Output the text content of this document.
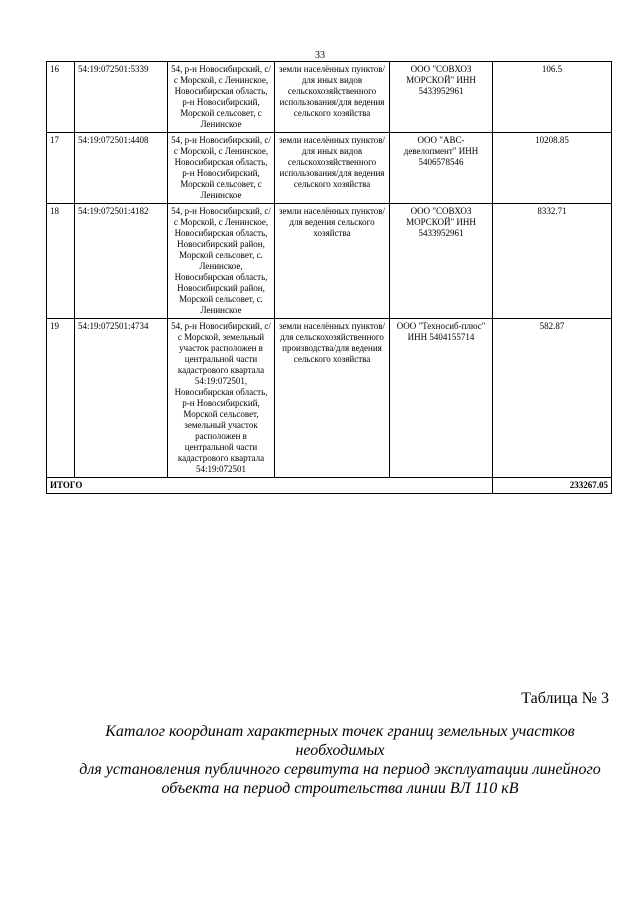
33
16	54:19:072501:5339	54, р-н Новосибирский, с/с Морской, с Ленинское, Новосибирская область, р-н Новосибирский, Морской сельсовет, с Ленинское	земли населённых пунктов/для иных видов сельскохозяйственного использования/для ведения сельского хозяйства	ООО "СОВХОЗ МОРСКОЙ" ИНН 5433952961	106.5
17	54:19:072501:4408	54, р-н Новосибирский, с/с Морской, с Ленинское, Новосибирская область, р-н Новосибирский, Морской сельсовет, с Ленинское	земли населённых пунктов/для иных видов сельскохозяйственного использования/для ведения сельского хозяйства	ООО "АВС-девелопмент" ИНН 5406578546	10208.85
18	54:19:072501:4182	54, р-н Новосибирский, с/с Морской, с Ленинское, Новосибирская область, Новосибирский район, Морской сельсовет, с. Ленинское, Новосибирская область, Новосибирский район, Морской сельсовет, с. Ленинское	земли населённых пунктов/для ведения сельского хозяйства	ООО "СОВХОЗ МОРСКОЙ" ИНН 5433952961	8332.71
19	54:19:072501:4734	54, р-н Новосибирский, с/с Морской, земельный участок расположен в центральной части кадастрового квартала 54:19:072501, Новосибирская область, р-н Новосибирский, Морской сельсовет, земельный участок расположен в центральной части кадастрового квартала 54:19:072501	земли населённых пунктов/для сельскохозяйственного производства/для ведения сельского хозяйства	ООО "Техносиб-плюс" ИНН 5404155714	582.87
ИТОГО					233267.05
Таблица № 3
Каталог координат характерных точек границ земельных участков необходимых
для установления публичного сервитута на период эксплуатации линейного
объекта на период строительства линии ВЛ 110 кВ
